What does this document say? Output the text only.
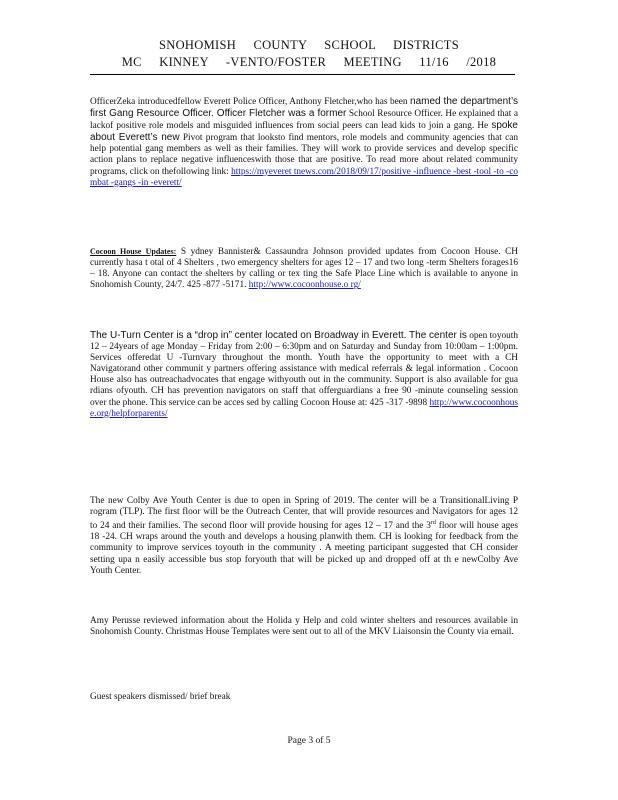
SNOHOMISH COUNTY SCHOOL DISTRICTS
MC KINNEY -VENTO/FOSTER MEETING 11/16 /2018
OfficerZeka introducedfellow Everett Police Officer, Anthony Fletcher,who has been named the department’s first Gang Resource Officer. Officer Fletcher was a former School Resource Officer. He explained that a lackof positive role models and misguided influences from social peers can lead kids to join a gang. He spoke about Everett’s new Pivot program that looksto find mentors, role models and community agencies that can help potential gang members as well as their families. They will work to provide services and develop specific action plans to replace negative influenceswith those that are positive. To read more about related community programs, click on thefollowing link: https://myeveret tnews.com/2018/09/17/positive -influence -best -tool -to -combat -gangs -in -everett/
Cocoon House Updates: S ydney Bannister& Cassaundra Johnson provided updates from Cocoon House. CH currently hasa t otal of 4 Shelters , two emergency shelters for ages 12 – 17 and two long -term Shelters forages16 – 18. Anyone can contact the shelters by calling or tex ting the Safe Place Line which is available to anyone in Snohomish County, 24/7. 425 -877 -5171. http://www.cocoonhouse.o rg/
The U-Turn Center is a “drop in” center located on Broadway in Everett. The center is open toyouth 12 – 24years of age Monday – Friday from 2:00 – 6:30pm and on Saturday and Sunday from 10:00am – 1:00pm. Services offeredat U -Turnvary throughout the month. Youth have the opportunity to meet with a CH Navigatorand other communit y partners offering assistance with medical referrals & legal information . Cocoon House also has outreachadvocates that engage withyouth out in the community. Support is also available for gua rdians ofyouth. CH has prevention navigators on staff that offerguardians a free 90 -minute counseling session over the phone. This service can be acces sed by calling Cocoon House at: 425 -317 -9898 http://www.cocoonhouse.org/helpforparents/
The new Colby Ave Youth Center is due to open in Spring of 2019. The center will be a TransitionalLiving P rogram (TLP). The first floor will be the Outreach Center, that will provide resources and Navigators for ages 12 to 24 and their families. The second floor will provide housing for ages 12 – 17 and the 3rd floor will house ages 18 -24. CH wraps around the youth and develops a housing planwith them. CH is looking for feedback from the community to improve services toyouth in the community . A meeting participant suggested that CH consider setting upa n easily accessible bus stop foryouth that will be picked up and dropped off at th e newColby Ave Youth Center.
Amy Perusse reviewed information about the Holida y Help and cold winter shelters and resources available in Snohomish County. Christmas House Templates were sent out to all of the MKV Liaisonsin the County via email.
Guest speakers dismissed/ brief break
Page 3 of 5
